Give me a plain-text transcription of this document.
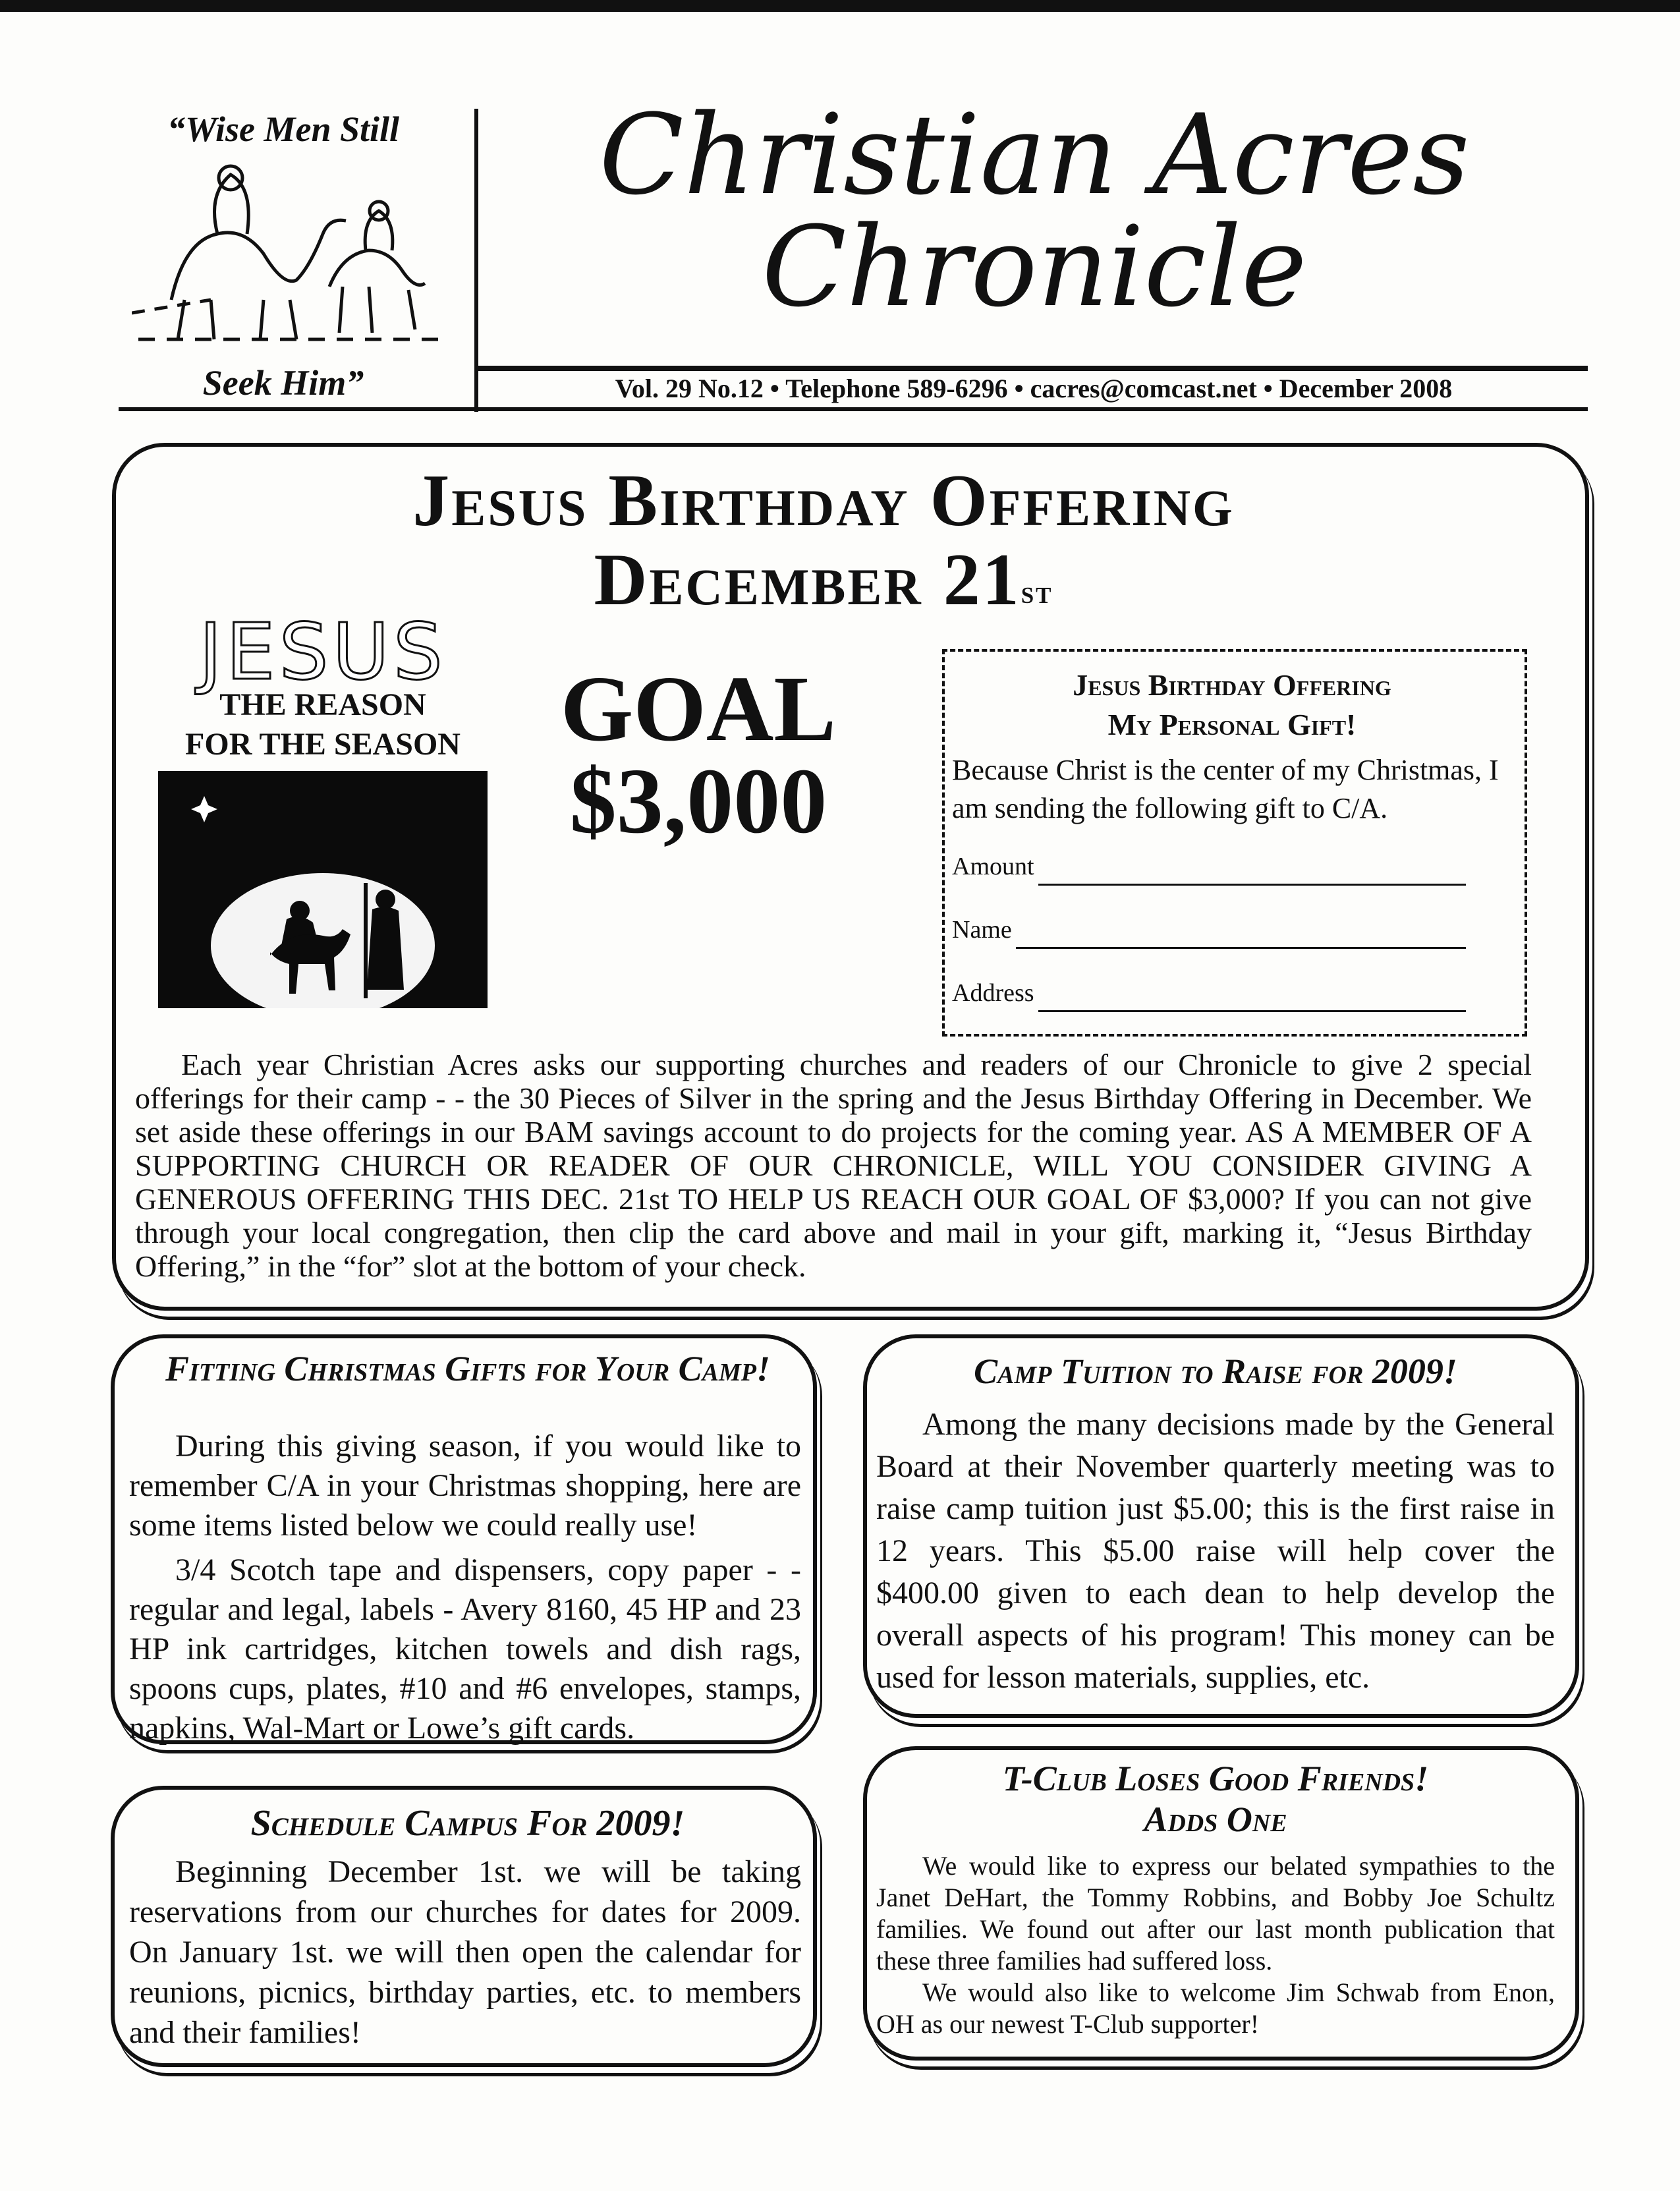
“Wise Men Still
Seek Him”
Christian Acres
Chronicle
Vol. 29 No.12 • Telephone 589-6296 • cacres@comcast.net • December 2008
Jesus Birthday Offering
December 21st
JESUS
THE REASON
FOR THE SEASON	GOAL
$3,000
Jesus Birthday Offering
My Personal Gift!

Because Christ is the center of my Christmas, I am sending the following gift to C/A.

Amount
Name
Address

Each year Christian Acres asks our supporting churches and readers of our Chronicle to give 2 special offerings for their camp - - the 30 Pieces of Silver in the spring and the Jesus Birthday Offering in December. We set aside these offerings in our BAM savings account to do projects for the coming year. AS A MEMBER OF A SUPPORTING CHURCH OR READER OF OUR CHRONICLE, WILL YOU CONSIDER GIVING A GENEROUS OFFERING THIS DEC. 21st TO HELP US REACH OUR GOAL OF $3,000? If you can not give through your local congregation, then clip the card above and mail in your gift, marking it, “Jesus Birthday Offering,” in the “for” slot at the bottom of your check.

Fitting Christmas Gifts for Your Camp!

During this giving season, if you would like to remember C/A in your Christmas shopping, here are some items listed below we could really use!

3/4 Scotch tape and dispensers, copy paper - - regular and legal, labels - Avery 8160, 45 HP and 23 HP ink cartridges, kitchen towels and dish rags, spoons cups, plates, #10 and #6 envelopes, stamps, napkins, Wal-Mart or Lowe’s gift cards.

Camp Tuition to Raise for 2009!

Among the many decisions made by the General Board at their November quarterly meeting was to raise camp tuition just $5.00; this is the first raise in 12 years. This $5.00 raise will help cover the $400.00 given to each dean to help develop the overall aspects of his program! This money can be used for lesson materials, supplies, etc.

Schedule Campus For 2009!

Beginning December 1st. we will be taking reservations from our churches for dates for 2009. On January 1st. we will then open the calendar for reunions, picnics, birthday parties, etc. to members and their families!

T-Club Loses Good Friends!
Adds One

We would like to express our belated sympathies to the Janet DeHart, the Tommy Robbins, and Bobby Joe Schultz families. We found out after our last month publication that these three families had suffered loss.

We would also like to welcome Jim Schwab from Enon, OH as our newest T-Club supporter!
